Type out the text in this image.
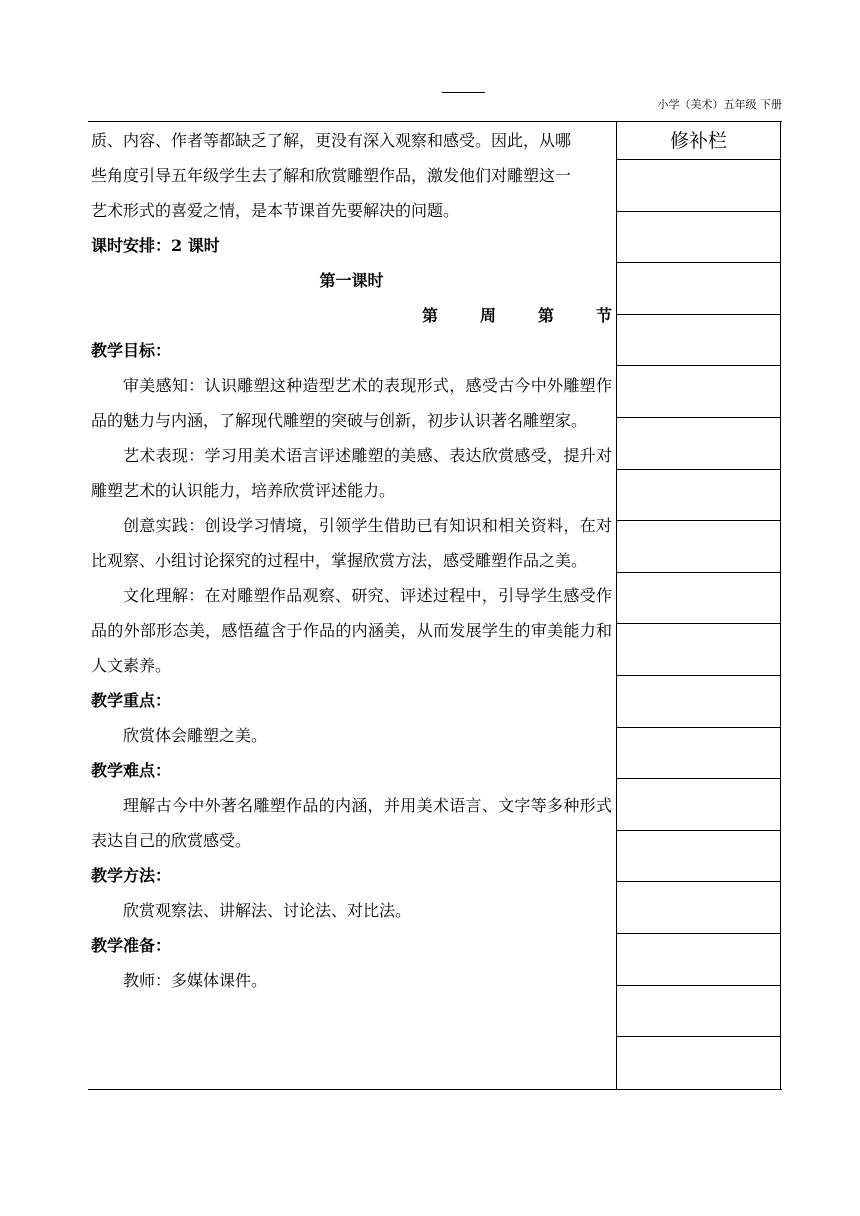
小学（美术）五年级 下册

质、内容、作者等都缺乏了解，更没有深入观察和感受。因此，从哪

些角度引导五年级学生去了解和欣赏雕塑作品，激发他们对雕塑这一

艺术形式的喜爱之情，是本节课首先要解决的问题。

课时安排：2 课时

第一课时

第	周	第	节

教学目标：

审美感知：认识雕塑这种造型艺术的表现形式，感受古今中外雕塑作品的魅力与内涵，了解现代雕塑的突破与创新，初步认识著名雕塑家。

艺术表现：学习用美术语言评述雕塑的美感、表达欣赏感受，提升对雕塑艺术的认识能力，培养欣赏评述能力。

创意实践：创设学习情境，引领学生借助已有知识和相关资料，在对比观察、小组讨论探究的过程中，掌握欣赏方法，感受雕塑作品之美。

文化理解：在对雕塑作品观察、研究、评述过程中，引导学生感受作品的外部形态美，感悟蕴含于作品的内涵美，从而发展学生的审美能力和人文素养。

教学重点：

欣赏体会雕塑之美。

教学难点：

理解古今中外著名雕塑作品的内涵，并用美术语言、文字等多种形式表达自己的欣赏感受。

教学方法：

欣赏观察法、讲解法、讨论法、对比法。

教学准备：

教师：多媒体课件。

修补栏
